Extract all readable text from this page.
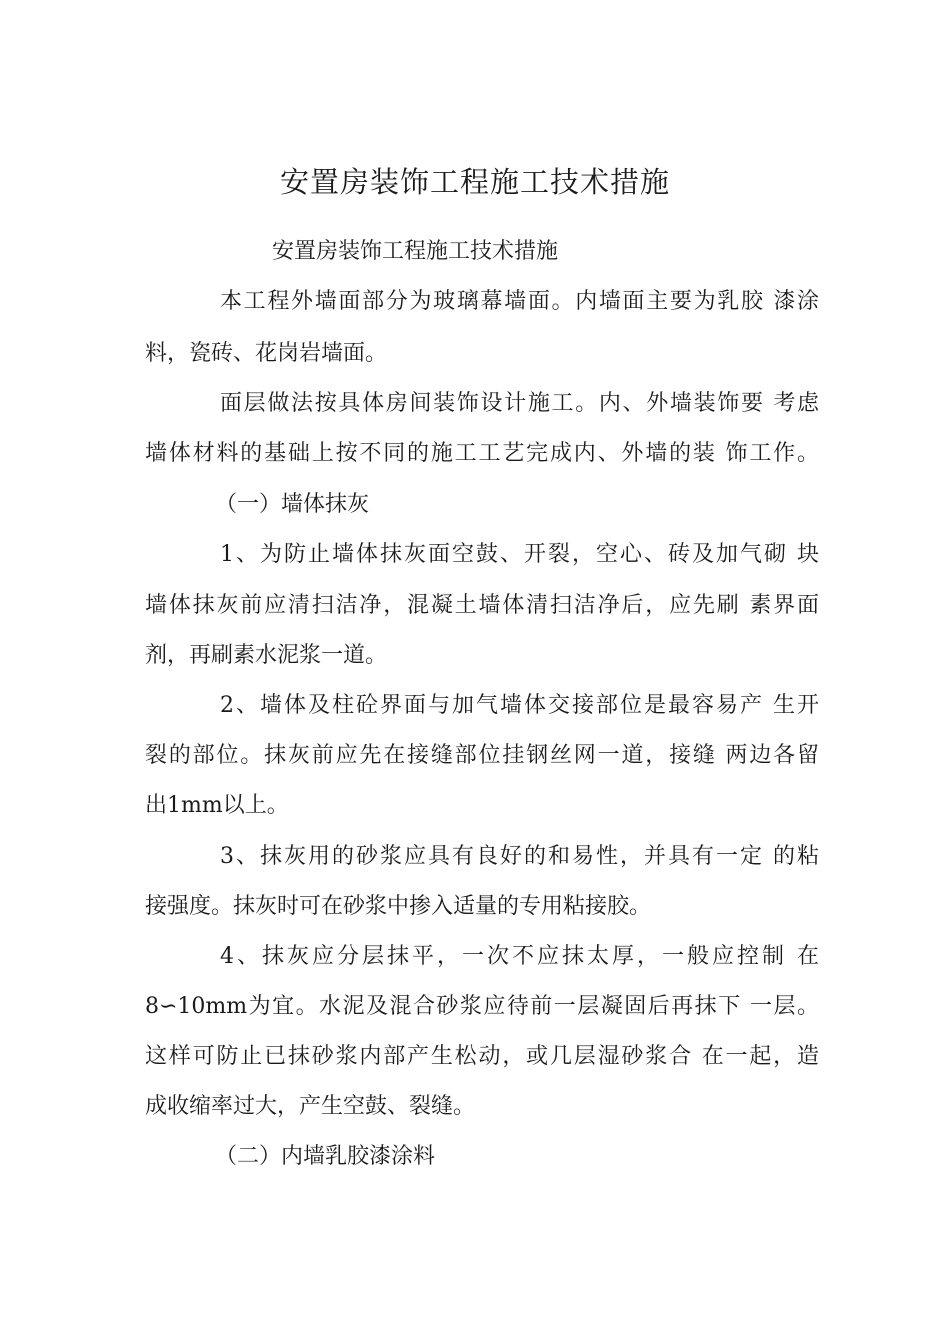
安置房装饰工程施工技术措施
安置房装饰工程施工技术措施
本工程外墙面部分为玻璃幕墙面。内墙面主要为乳胶 漆涂
料，瓷砖、花岗岩墙面。
面层做法按具体房间装饰设计施工。内、外墙装饰要 考虑
墙体材料的基础上按不同的施工工艺完成内、外墙的装 饰工作。
（一）墙体抹灰
1、为防止墙体抹灰面空鼓、开裂，空心、砖及加气砌 块
墙体抹灰前应清扫洁净，混凝土墙体清扫洁净后，应先刷 素界面
剂，再刷素水泥浆一道。
2、墙体及柱砼界面与加气墙体交接部位是最容易产 生开
裂的部位。抹灰前应先在接缝部位挂钢丝网一道，接缝 两边各留
出1mm以上。
3、抹灰用的砂浆应具有良好的和易性，并具有一定 的粘
接强度。抹灰时可在砂浆中掺入适量的专用粘接胶。
4、抹灰应分层抹平，一次不应抹太厚，一般应控制 在
8∽10mm为宜。水泥及混合砂浆应待前一层凝固后再抹下 一层。
这样可防止已抹砂浆内部产生松动，或几层湿砂浆合 在一起，造
成收缩率过大，产生空鼓、裂缝。
（二）内墙乳胶漆涂料
